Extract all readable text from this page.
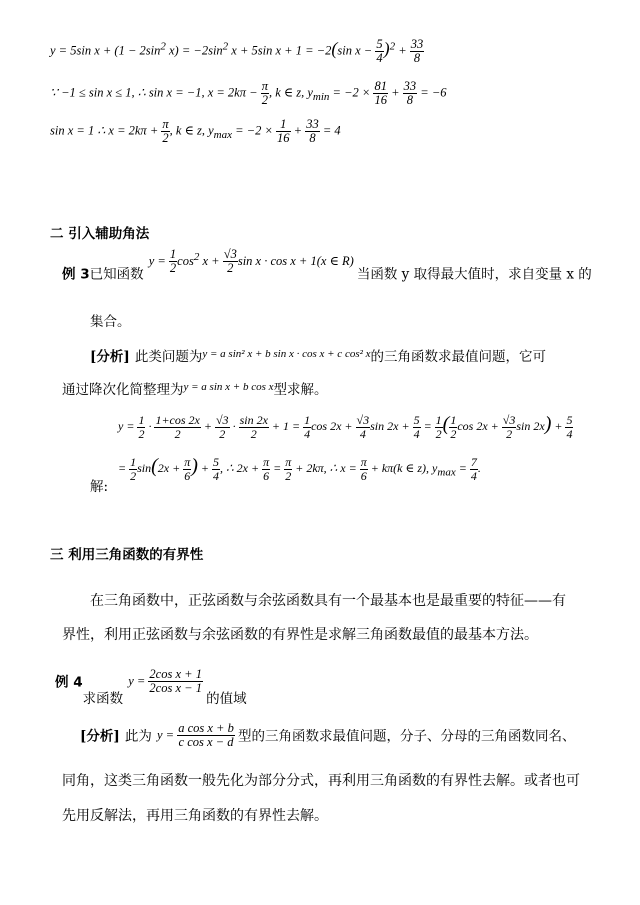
y = 5sin $x + (1 - 2\sin^2$ $x) = -2\sin^2$ x + 5sin x + 1 = −2(sin $x - \frac{5}{4} )^2 + \frac{33}{8}$
∵ −1 ≤ sin x ≤ 1, ∴ sin x = −1, $x = 2k\pi - \frac{\pi}{2}$ , k ∈ z, $y_{min} = -2 \times \frac{81}{16} + \frac{33}{8} = -6$
sin x = 1 ∴ $x = 2k\pi + \frac{\pi}{2}$ , k ∈ z, $y_{max} = -2 \times \frac{1}{16} + \frac{33}{8} = 4$
二 引入辅助角法
例 3已知函数 $^{y = \frac{1}{2} cos^2 x + \frac{√3}{2} sin x \cdot cos x + 1(x \in R)}$ 当函数 y 取得最大值时，求自变量 x 的
集合。
[分析] 此类问题为$^{y = a sin^2 x + b sin x \cdot cos x + c cos^2 x}$的三角函数求最值问题，它可
通过降次化简整理为$^{y = a sin x + b cos x}$型求解。
$y = \frac{1}{2} \cdot \frac{1+\cos 2x}{2} + \frac{√3}{2} \cdot \frac{\sin 2x}{2} + 1 = \frac{1}{4}$ $\cos 2x + \frac{√3}{4}$ $\sin 2x + \frac{5}{4} = \frac{1}{2}$ ( $\frac{1}{2}$ $\cos 2x + \frac{√3}{2}$ $\sin 2x) + \frac{5}{4}$
解:
= $\frac{1}{2} \sin(2x + \frac{\pi}{6}$ ) + $\frac{5}{4}$ , ∴ $2x + \frac{\pi}{6} = \frac{\pi}{2} + 2k\pi$, ∴ $x = \frac{\pi}{6} + k\pi(k$ ∈ z), $y_{max} = \frac{7}{4}$ .
三 利用三角函数的有界性
在三角函数中，正弦函数与余弦函数具有一个最基本也是最重要的特征——有
界性，利用正弦函数与余弦函数的有界性是求解三角函数最值的最基本方法。
例 $4_{求函数}$ $y = \frac{\text{2cos x + 1}}{\text{2cos x − 1}}$
$_{的值域}$
[分析] 此为 $y = \frac{\text{a cos x + b}}{\text{c cos x − d}}$ 型的三角函数求最值问题，分子、分母的三角函数同名、
同角，这类三角函数一般先化为部分分式，再利用三角函数的有界性去解。或者也可
先用反解法，再用三角函数的有界性去解。
